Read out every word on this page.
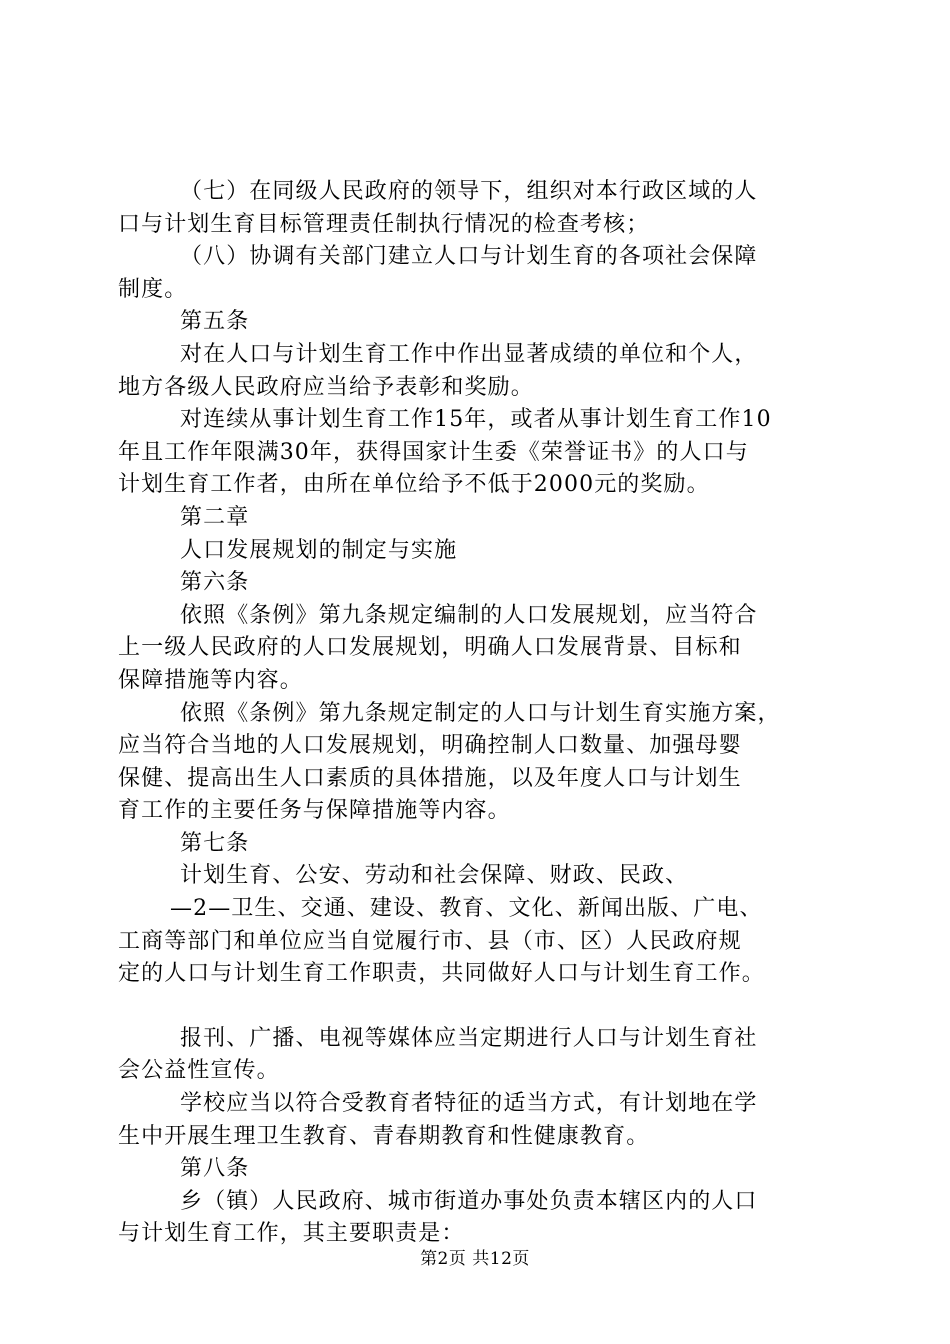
（七）在同级人民政府的领导下，组织对本行政区域的人
口与计划生育目标管理责任制执行情况的检查考核；
（八）协调有关部门建立人口与计划生育的各项社会保障
制度。
第五条
对在人口与计划生育工作中作出显著成绩的单位和个人，
地方各级人民政府应当给予表彰和奖励。
对连续从事计划生育工作15年，或者从事计划生育工作10
年且工作年限满30年，获得国家计生委《荣誉证书》的人口与
计划生育工作者，由所在单位给予不低于2000元的奖励。
第二章
人口发展规划的制定与实施
第六条
依照《条例》第九条规定编制的人口发展规划，应当符合
上一级人民政府的人口发展规划，明确人口发展背景、目标和
保障措施等内容。
依照《条例》第九条规定制定的人口与计划生育实施方案，
应当符合当地的人口发展规划，明确控制人口数量、加强母婴
保健、提高出生人口素质的具体措施，以及年度人口与计划生
育工作的主要任务与保障措施等内容。
第七条
计划生育、公安、劳动和社会保障、财政、民政、
—2—卫生、交通、建设、教育、文化、新闻出版、广电、
工商等部门和单位应当自觉履行市、县（市、区）人民政府规
定的人口与计划生育工作职责，共同做好人口与计划生育工作。
报刊、广播、电视等媒体应当定期进行人口与计划生育社
会公益性宣传。
学校应当以符合受教育者特征的适当方式，有计划地在学
生中开展生理卫生教育、青春期教育和性健康教育。
第八条
乡（镇）人民政府、城市街道办事处负责本辖区内的人口
与计划生育工作，其主要职责是：
第2页 共12页
